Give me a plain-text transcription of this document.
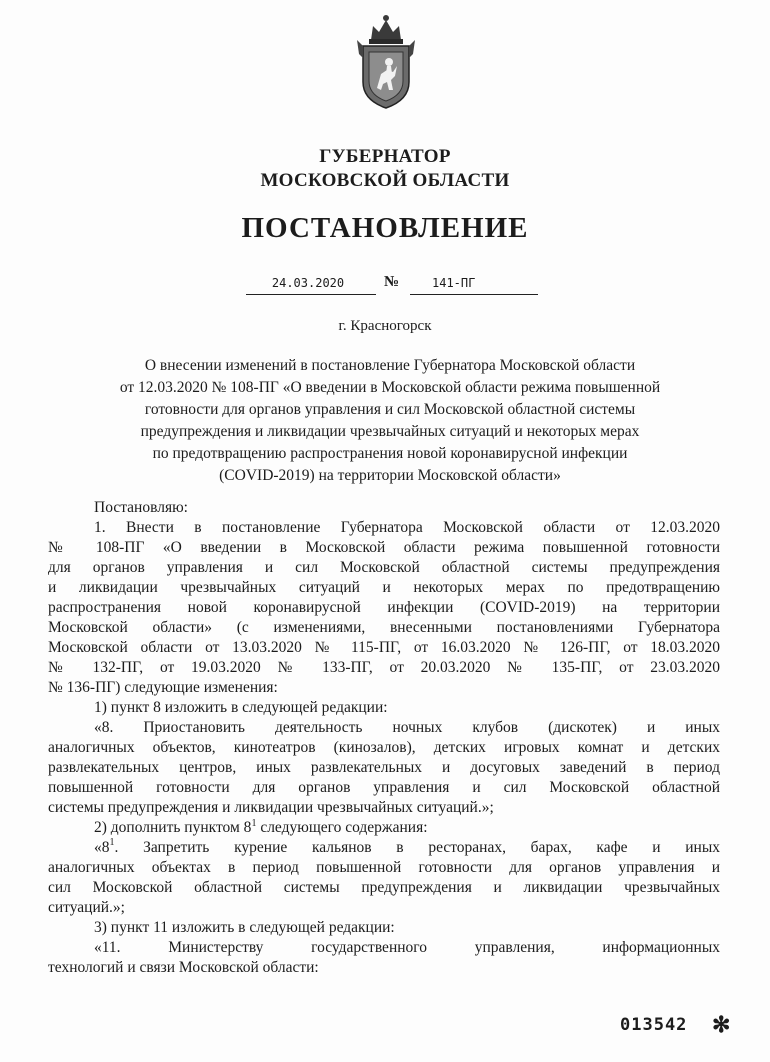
ГУБЕРНАТОР
МОСКОВСКОЙ ОБЛАСТИ
ПОСТАНОВЛЕНИЕ
24.03.2020	№	141-ПГ
г. Красногорск
О внесении изменений в постановление Губернатора Московской области
от 12.03.2020 № 108-ПГ «О введении в Московской области режима повышенной
готовности для органов управления и сил Московской областной системы
предупреждения и ликвидации чрезвычайных ситуаций и некоторых мерах
по предотвращению распространения новой коронавирусной инфекции
(COVID-2019) на территории Московской области»
Постановляю:
1. Внести в постановление Губернатора Московской области от 12.03.2020
№ 108-ПГ «О введении в Московской области режима повышенной готовности
для органов управления и сил Московской областной системы предупреждения
и ликвидации чрезвычайных ситуаций и некоторых мерах по предотвращению
распространения новой коронавирусной инфекции (COVID-2019) на территории
Московской области» (с изменениями, внесенными постановлениями Губернатора
Московской области от 13.03.2020 № 115-ПГ, от 16.03.2020 № 126-ПГ, от 18.03.2020
№ 132-ПГ, от 19.03.2020 № 133-ПГ, от 20.03.2020 № 135-ПГ, от 23.03.2020
№ 136-ПГ) следующие изменения:
1) пункт 8 изложить в следующей редакции:
«8. Приостановить деятельность ночных клубов (дискотек) и иных
аналогичных объектов, кинотеатров (кинозалов), детских игровых комнат и детских
развлекательных центров, иных развлекательных и досуговых заведений в период
повышенной готовности для органов управления и сил Московской областной
системы предупреждения и ликвидации чрезвычайных ситуаций.»;
2) дополнить пунктом $8^1$ следующего содержания:
«8 1 . Запретить курение кальянов в ресторанах, барах, кафе и иных
аналогичных объектах в период повышенной готовности для органов управления и
сил Московской областной системы предупреждения и ликвидации чрезвычайных
ситуаций.»;
3) пункт 11 изложить в следующей редакции:
«11. Министерству государственного управления, информационных
технологий и связи Московской области:
013542 ✻
